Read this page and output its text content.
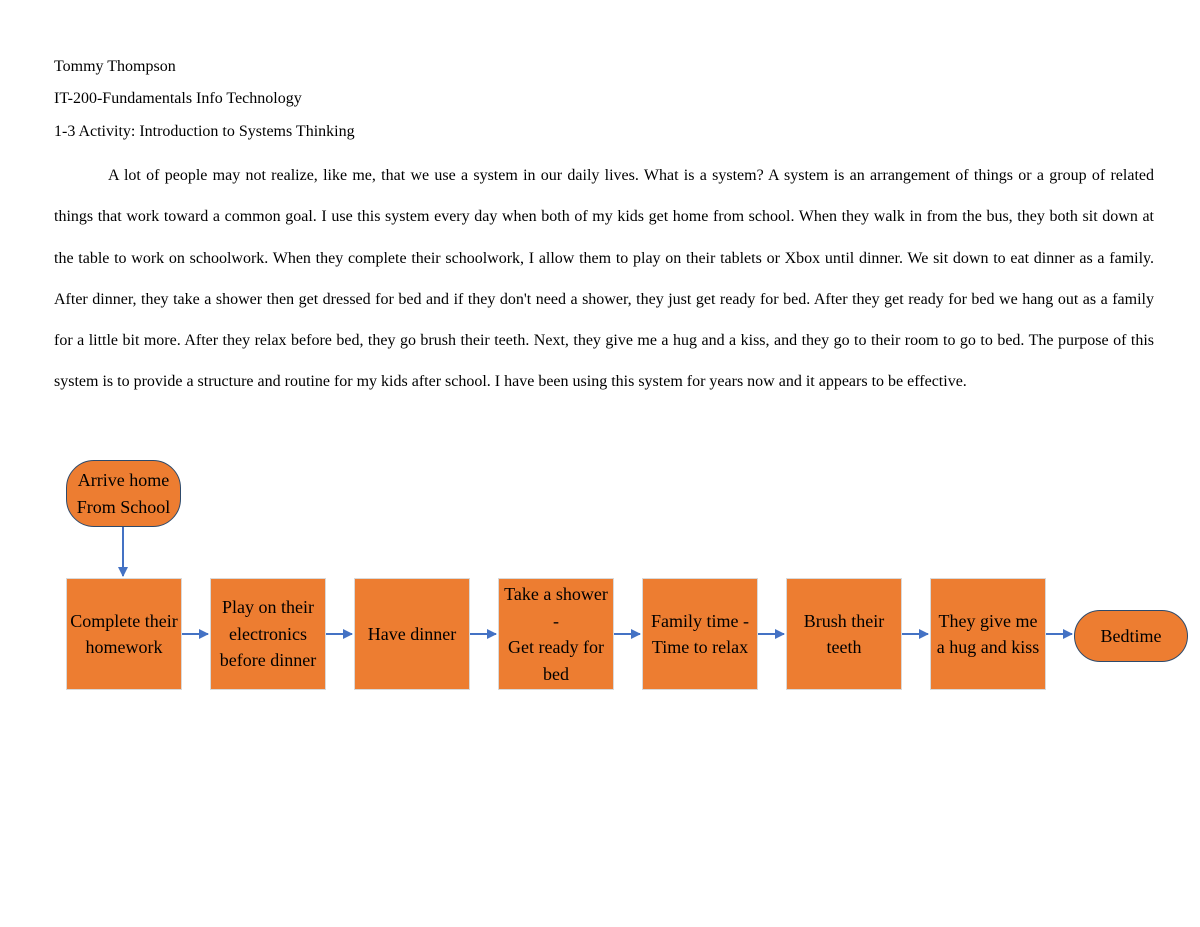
Tommy Thompson
IT-200-Fundamentals Info Technology
1-3 Activity: Introduction to Systems Thinking
A lot of people may not realize, like me, that we use a system in our daily lives. What is a system? A system is an arrangement of things or a group of related things that work toward a common goal. I use this system every day when both of my kids get home from school. When they walk in from the bus, they both sit down at the table to work on schoolwork. When they complete their schoolwork, I allow them to play on their tablets or Xbox until dinner. We sit down to eat dinner as a family. After dinner, they take a shower then get dressed for bed and if they don't need a shower, they just get ready for bed. After they get ready for bed we hang out as a family for a little bit more. After they relax before bed, they go brush their teeth. Next, they give me a hug and a kiss, and they go to their room to go to bed. The purpose of this system is to provide a structure and routine for my kids after school. I have been using this system for years now and it appears to be effective.
Arrive home
From School
Complete their
homework
Play on their
electronics
before dinner
Have dinner
Take a shower
-
Get ready for
bed
Family time -
Time to relax
Brush their
teeth
They give me
a hug and kiss
Bedtime
